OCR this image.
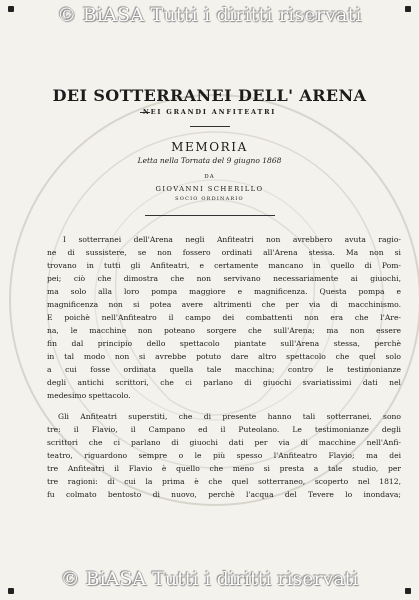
© BiASA Tutti i diritti riservati
DEI SOTTERRANEI DELL' ARENA
NEI GRANDI ANFITEATRI
MEMORIA
Letta nella Tornata del 9 giugno 1868
DA
GIOVANNI SCHERILLO
SOCIO ORDINARIO
I sotterranei dell'Arena negli Anfiteatri non avrebbero avuta ragio-
ne di sussistere, se non fossero ordinati all'Arena stessa. Ma non si
trovano in tutti gli Anfiteatri, e certamente mancano in quello di Pom-
pei; ciò che dimostra che non servivano necessariamente ai giuochi,
ma solo alla loro pompa maggiore e magnificenza. Questa pompa e
magnificenza non si potea avere altrimenti che per via di macchinismo.
E poichè nell'Anfiteatro il campo dei combattenti non era che l'Are-
na, le macchine non poteano sorgere che sull'Arena; ma non essere
fin dal principio dello spettacolo piantate sull'Arena stessa, perchè
in tal modo non si avrebbe potuto dare altro spettacolo che quel solo
a cui fosse ordinata quella tale macchina; contro le testimonianze
degli antichi scrittori, che ci parlano di giuochi svariatissimi dati nel
medesimo spettacolo.
Gli Anfiteatri superstiti, che di presente hanno tali sotterranei, sono
tre: il Flavio, il Campano ed il Puteolano. Le testimonianze degli
scrittori che ci parlano di giuochi dati per via di macchine nell'Anfi-
teatro, riguardono sempre o le più spesso l'Anfiteatro Flavio; ma dei
tre Anfiteatri il Flavio è quello che meno si presta a tale studio, per
tre ragioni: di cui la prima è che quel sotterraneo, scoperto nel 1812,
fu colmato bentosto di nuovo, perchè l'acqua del Tevere lo inondava;
© BiASA Tutti i diritti riservati
